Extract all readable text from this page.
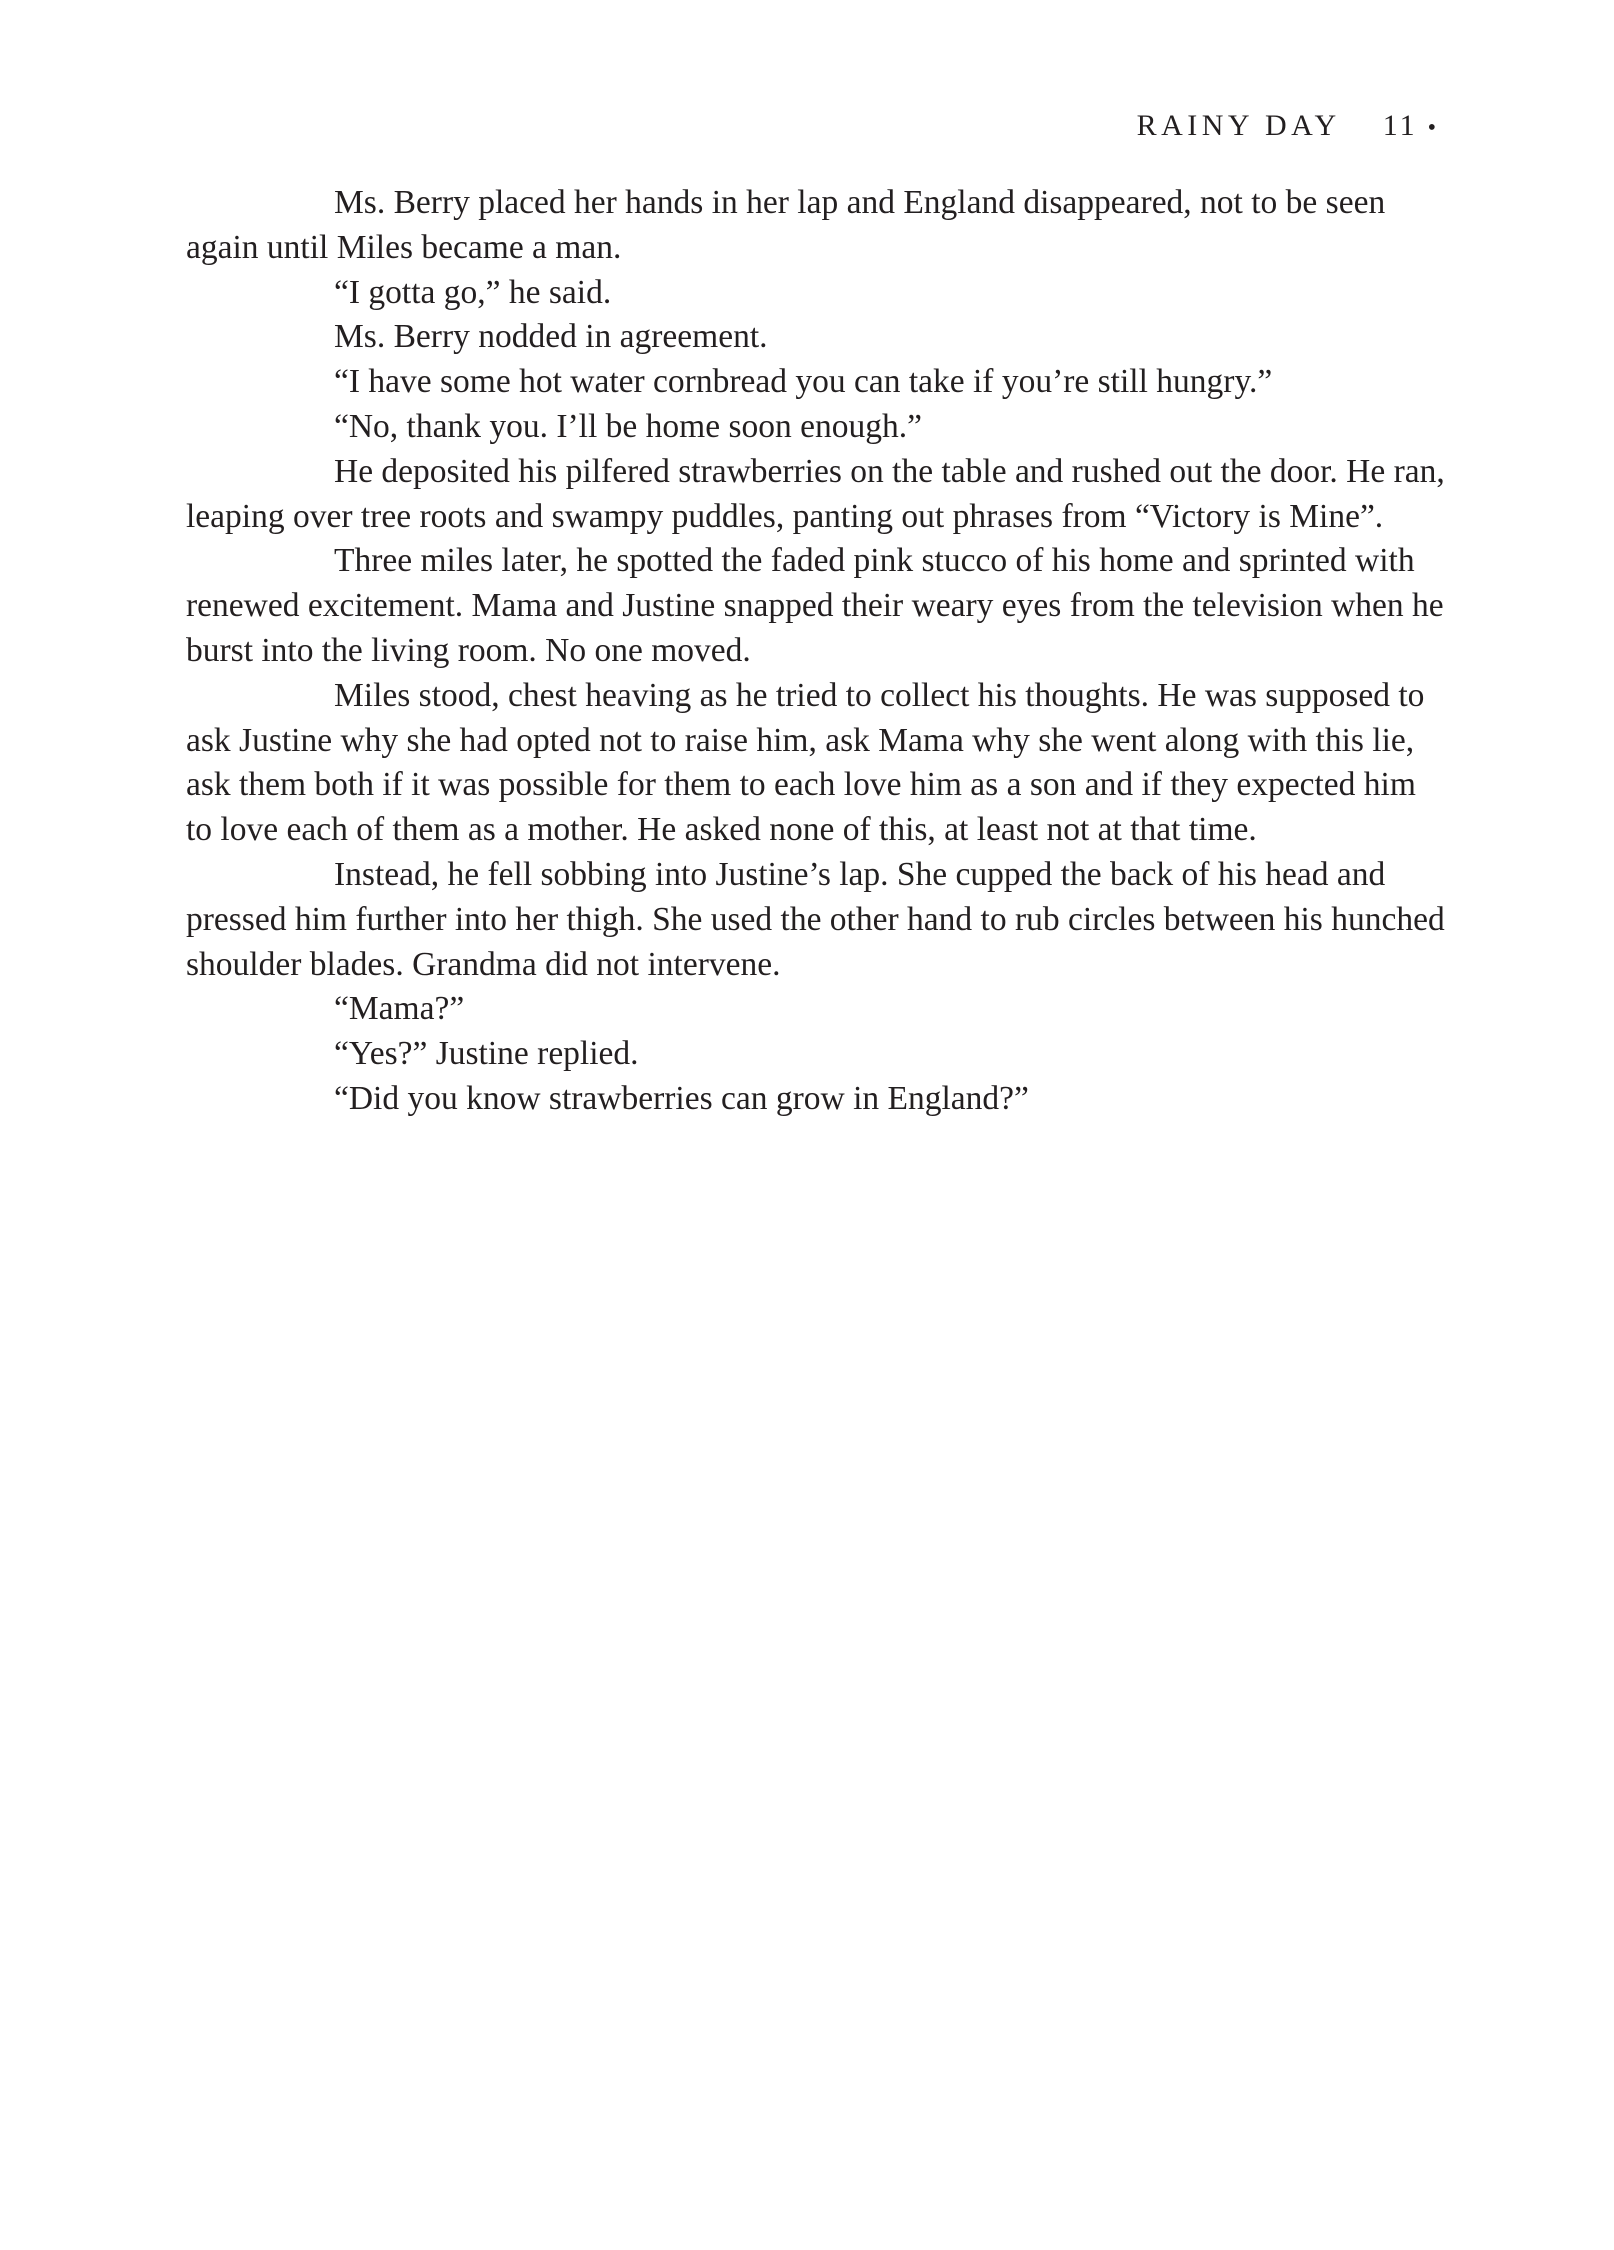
RAINY DAY 11 •

Ms. Berry placed her hands in her lap and England disappeared, not to be seen again until Miles became a man.

“I gotta go,” he said.

Ms. Berry nodded in agreement.

“I have some hot water cornbread you can take if you’re still hungry.”

“No, thank you. I’ll be home soon enough.”

He deposited his pilfered strawberries on the table and rushed out the door. He ran, leaping over tree roots and swampy puddles, panting out phrases from “Victory is Mine”.

Three miles later, he spotted the faded pink stucco of his home and sprinted with renewed excitement. Mama and Justine snapped their weary eyes from the television when he burst into the living room. No one moved.

Miles stood, chest heaving as he tried to collect his thoughts. He was supposed to ask Justine why she had opted not to raise him, ask Mama why she went along with this lie, ask them both if it was possible for them to each love him as a son and if they expected him to love each of them as a mother. He asked none of this, at least not at that time.

Instead, he fell sobbing into Justine’s lap. She cupped the back of his head and pressed him further into her thigh. She used the other hand to rub circles between his hunched shoulder blades. Grandma did not intervene.

“Mama?”

“Yes?” Justine replied.

“Did you know strawberries can grow in England?”
